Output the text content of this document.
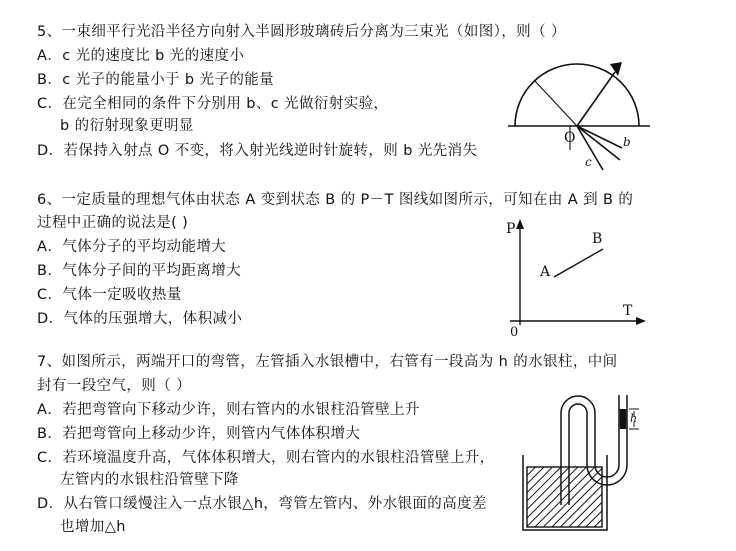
5、一束细平行光沿半径方向射入半圆形玻璃砖后分离为三束光（如图），则（ ）
A．c 光的速度比 b 光的速度小
B．c 光子的能量小于 b 光子的能量
C．在完全相同的条件下分别用 b、c 光做衍射实验，
b 的衍射现象更明显
D．若保持入射点 O 不变，将入射光线逆时针旋转，则 b 光先消失
O	b
c
6、一定质量的理想气体由状态 A 变到状态 B 的 P－T 图线如图所示，可知在由 A 到 B 的
过程中正确的说法是( )
A．气体分子的平均动能增大
B．气体分子间的平均距离增大
C．气体一定吸收热量
D．气体的压强增大，体积减小
P
T
0
A
B
7、如图所示，两端开口的弯管，左管插入水银槽中，右管有一段高为 h 的水银柱，中间
封有一段空气，则（ ）
A．若把弯管向下移动少许，则右管内的水银柱沿管壁上升
B．若把弯管向上移动少许，则管内气体体积增大
C．若环境温度升高，气体体积增大，则右管内的水银柱沿管壁上升，
左管内的水银柱沿管壁下降
D．从右管口缓慢注入一点水银△h，弯管左管内、外水银面的高度差
也增加△h
h
